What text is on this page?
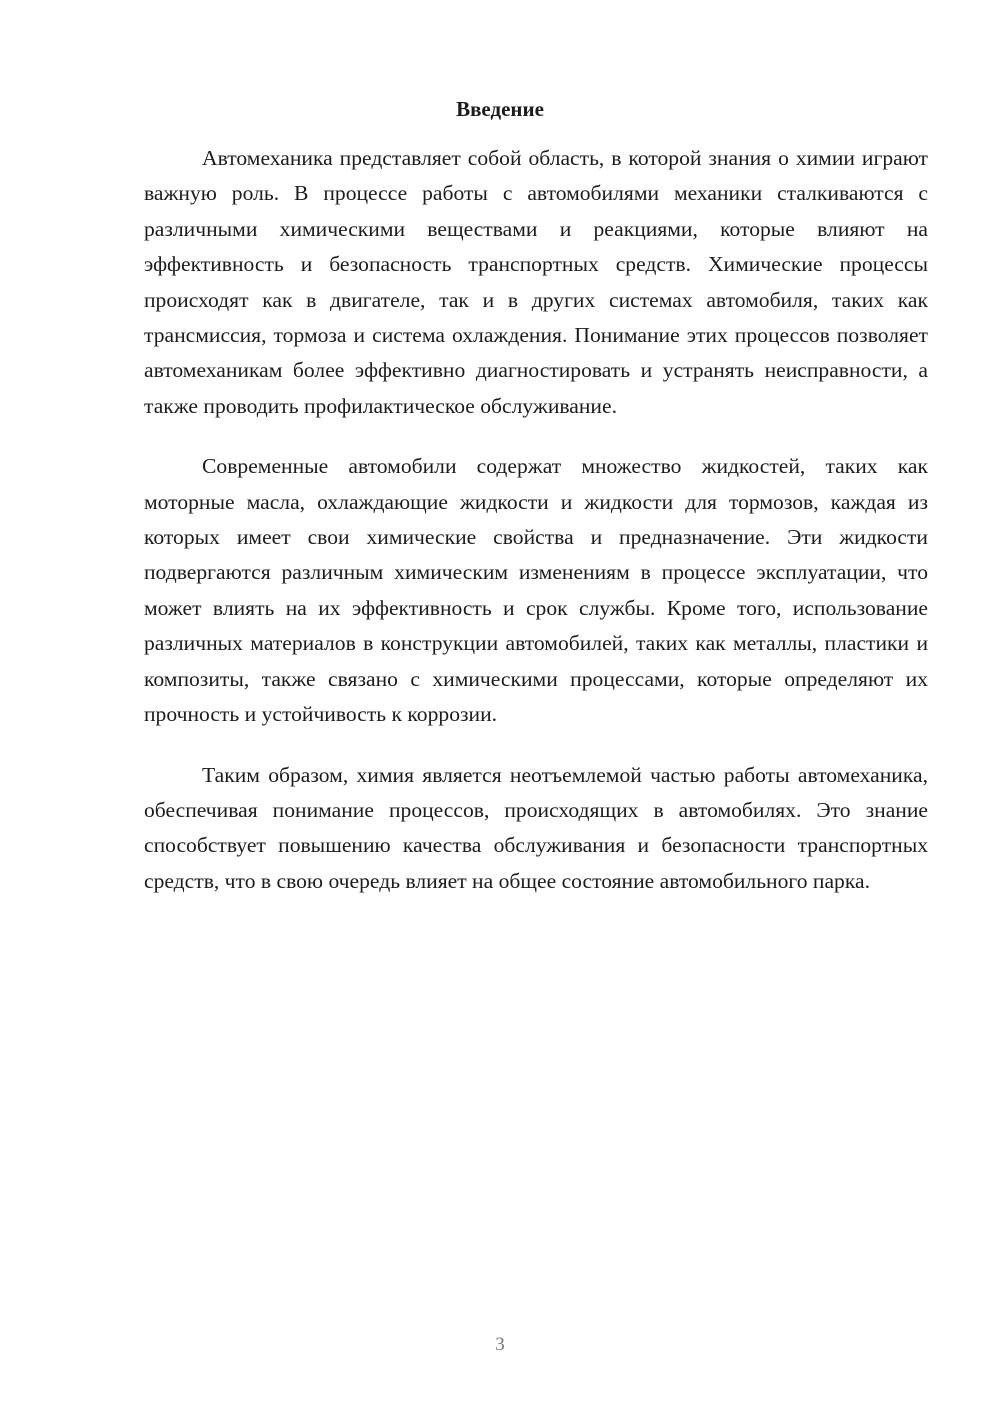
Введение

Автомеханика представляет собой область, в которой знания о химии играют важную роль. В процессе работы с автомобилями механики сталкиваются с различными химическими веществами и реакциями, которые влияют на эффективность и безопасность транспортных средств. Химические процессы происходят как в двигателе, так и в других системах автомобиля, таких как трансмиссия, тормоза и система охлаждения. Понимание этих процессов позволяет автомеханикам более эффективно диагностировать и устранять неисправности, а также проводить профилактическое обслуживание.

Современные автомобили содержат множество жидкостей, таких как моторные масла, охлаждающие жидкости и жидкости для тормозов, каждая из которых имеет свои химические свойства и предназначение. Эти жидкости подвергаются различным химическим изменениям в процессе эксплуатации, что может влиять на их эффективность и срок службы. Кроме того, использование различных материалов в конструкции автомобилей, таких как металлы, пластики и композиты, также связано с химическими процессами, которые определяют их прочность и устойчивость к коррозии.

Таким образом, химия является неотъемлемой частью работы автомеханика, обеспечивая понимание процессов, происходящих в автомобилях. Это знание способствует повышению качества обслуживания и безопасности транспортных средств, что в свою очередь влияет на общее состояние автомобильного парка.

3
